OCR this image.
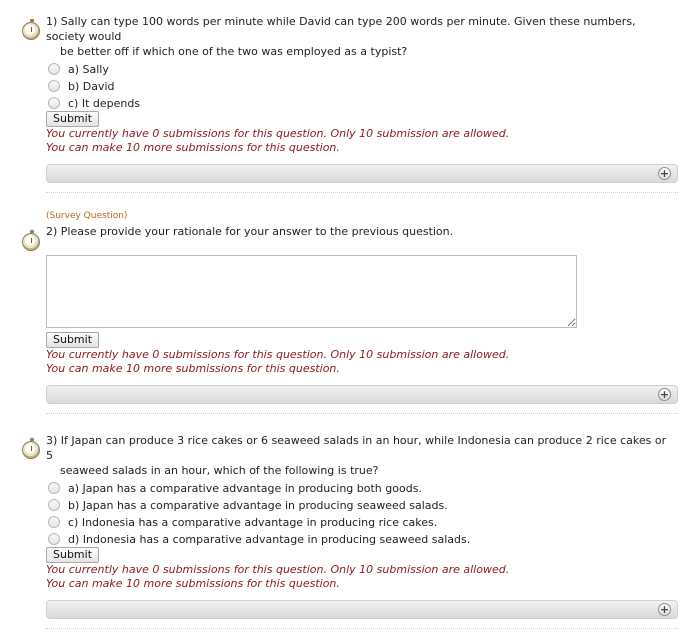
1) Sally can type 100 words per minute while David can type 200 words per minute. Given these numbers, society would
be better off if which one of the two was employed as a typist?
a) Sally
b) David
c) It depends
Submit
You currently have 0 submissions for this question. Only 10 submission are allowed.
You can make 10 more submissions for this question.
+
(Survey Question)
2) Please provide your rationale for your answer to the previous question.
Submit
You currently have 0 submissions for this question. Only 10 submission are allowed.
You can make 10 more submissions for this question.
+
3) If Japan can produce 3 rice cakes or 6 seaweed salads in an hour, while Indonesia can produce 2 rice cakes or 5
seaweed salads in an hour, which of the following is true?
a) Japan has a comparative advantage in producing both goods.
b) Japan has a comparative advantage in producing seaweed salads.
c) Indonesia has a comparative advantage in producing rice cakes.
d) Indonesia has a comparative advantage in producing seaweed salads.
Submit
You currently have 0 submissions for this question. Only 10 submission are allowed.
You can make 10 more submissions for this question.
+
